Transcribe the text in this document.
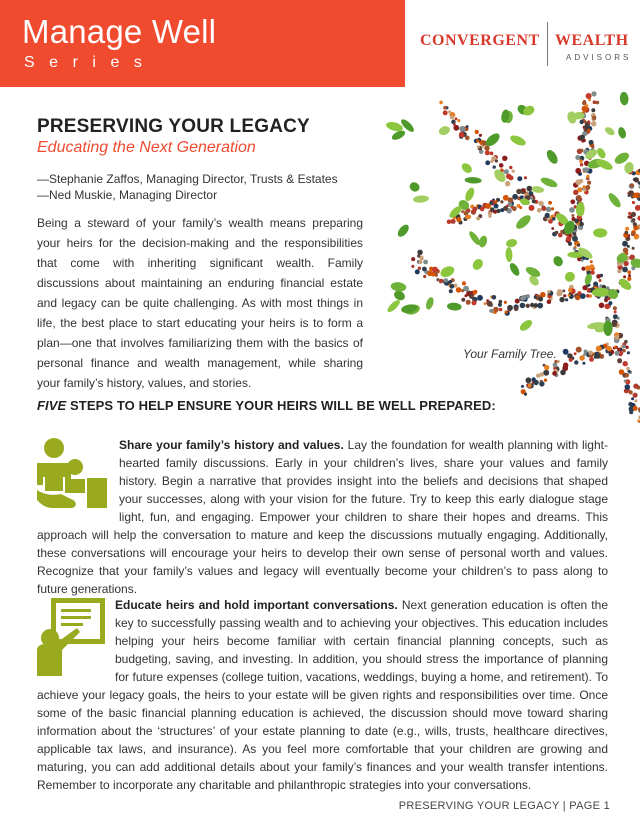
Manage Well
Series
CONVERGENT WEALTH
ADVISORS
PRESERVING YOUR LEGACY
Educating the Next Generation
—Stephanie Zaffos, Managing Director, Trusts & Estates
—Ned Muskie, Managing Director
Being a steward of your family’s wealth means preparing your heirs for the decision-making and the responsibilities that come with inheriting significant wealth. Family discussions about maintaining an enduring financial estate and legacy can be quite challenging. As with most things in life, the best place to start educating your heirs is to form a plan—one that involves familiarizing them with the basics of personal finance and wealth management, while sharing your family’s history, values, and stories.
Your Family Tree.
FIVE STEPS TO HELP ENSURE YOUR HEIRS WILL BE WELL PREPARED:
Share your family’s history and values. Lay the foundation for wealth planning with light-hearted family discussions. Early in your children’s lives, share your values and family history. Begin a narrative that provides insight into the beliefs and decisions that shaped your successes, along with your vision for the future. Try to keep this early dialogue stage light, fun, and engaging. Empower your children to share their hopes and dreams. This approach will help the conversation to mature and keep the discussions mutually engaging. Additionally, these conversations will encourage your heirs to develop their own sense of personal worth and values. Recognize that your family’s values and legacy will eventually become your children’s to pass along to future generations.
Educate heirs and hold important conversations. Next generation education is often the key to successfully passing wealth and to achieving your objectives. This education includes helping your heirs become familiar with certain financial planning concepts, such as budgeting, saving, and investing. In addition, you should stress the importance of planning for future expenses (college tuition, vacations, weddings, buying a home, and retirement). To achieve your legacy goals, the heirs to your estate will be given rights and responsibilities over time. Once some of the basic financial planning education is achieved, the discussion should move toward sharing information about the ‘structures’ of your estate planning to date (e.g., wills, trusts, healthcare directives, applicable tax laws, and insurance). As you feel more comfortable that your children are growing and maturing, you can add additional details about your family’s finances and your wealth transfer intentions. Remember to incorporate any charitable and philanthropic strategies into your conversations.
PRESERVING YOUR LEGACY | PAGE 1
